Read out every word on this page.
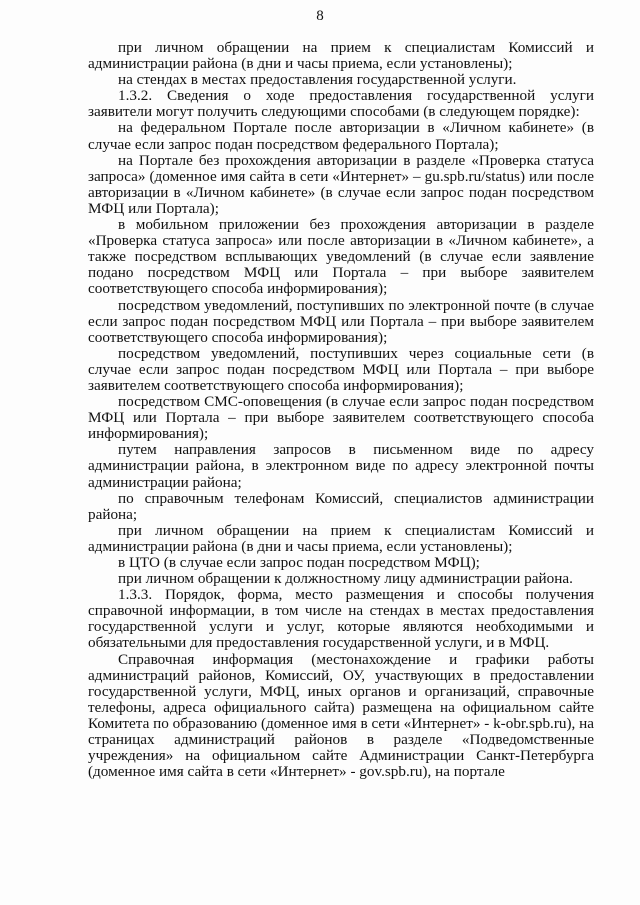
8

при личном обращении на прием к специалистам Комиссий и администрации района (в дни и часы приема, если установлены);

на стендах в местах предоставления государственной услуги.

1.3.2. Сведения о ходе предоставления государственной услуги заявители могут получить следующими способами (в следующем порядке):

на федеральном Портале после авторизации в «Личном кабинете» (в случае если запрос подан посредством федерального Портала);

на Портале без прохождения авторизации в разделе «Проверка статуса запроса» (доменное имя сайта в сети «Интернет» – gu.spb.ru/status) или после авторизации в «Личном кабинете» (в случае если запрос подан посредством МФЦ или Портала);

в мобильном приложении без прохождения авторизации в разделе «Проверка статуса запроса» или после авторизации в «Личном кабинете», а также посредством всплывающих уведомлений (в случае если заявление подано посредством МФЦ или Портала – при выборе заявителем соответствующего способа информирования);

посредством уведомлений, поступивших по электронной почте (в случае если запрос подан посредством МФЦ или Портала – при выборе заявителем соответствующего способа информирования);

посредством уведомлений, поступивших через социальные сети (в случае если запрос подан посредством МФЦ или Портала – при выборе заявителем соответствующего способа информирования);

посредством СМС-оповещения (в случае если запрос подан посредством МФЦ или Портала – при выборе заявителем соответствующего способа информирования);

путем направления запросов в письменном виде по адресу администрации района, в электронном виде по адресу электронной почты администрации района;

по справочным телефонам Комиссий, специалистов администрации района;

при личном обращении на прием к специалистам Комиссий и администрации района (в дни и часы приема, если установлены);

в ЦТО (в случае если запрос подан посредством МФЦ);

при личном обращении к должностному лицу администрации района.

1.3.3. Порядок, форма, место размещения и способы получения справочной информации, в том числе на стендах в местах предоставления государственной услуги и услуг, которые являются необходимыми и обязательными для предоставления государственной услуги, и в МФЦ.

Справочная информация (местонахождение и графики работы администраций районов, Комиссий, ОУ, участвующих в предоставлении государственной услуги, МФЦ, иных органов и организаций, справочные телефоны, адреса официального сайта) размещена на официальном сайте Комитета по образованию (доменное имя в сети «Интернет» - k-obr.spb.ru), на страницах администраций районов в разделе «Подведомственные учреждения» на официальном сайте Администрации Санкт-Петербурга (доменное имя сайта в сети «Интернет» - gov.spb.ru), на портале
